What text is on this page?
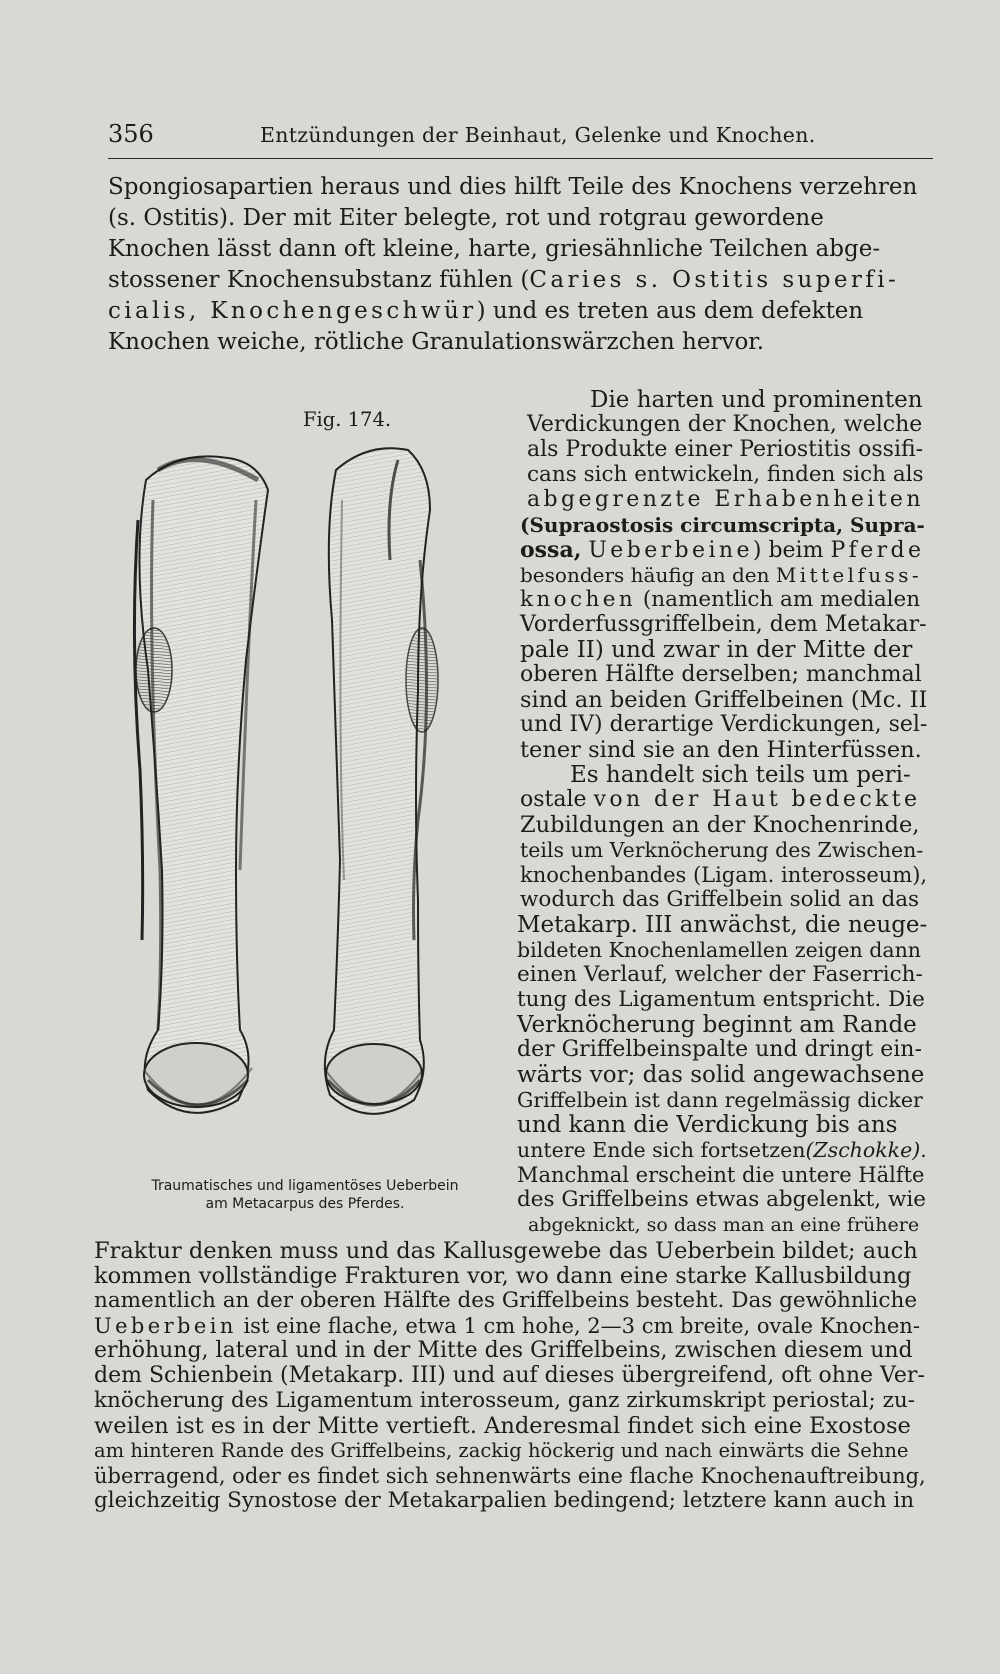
356	Entzündungen der Beinhaut, Gelenke und Knochen.
Spongiosapartien heraus und dies hilft Teile des Knochens verzehren
(s. Ostitis). Der mit Eiter belegte, rot und rotgrau gewordene
Knochen lässt dann oft kleine, harte, griesähnliche Teilchen abge-
stossener Knochensubstanz fühlen (Caries s. Ostitis superfi-
cialis, Knochengeschwür) und es treten aus dem defekten
Knochen weiche, rötliche Granulationswärzchen hervor.
Fig. 174.
Traumatisches und ligamentöses Ueberbein
am Metacarpus des Pferdes.
Die harten und prominenten
Verdickungen der Knochen, welche
als Produkte einer Periostitis ossifi-
cans sich entwickeln, finden sich als
abgegrenzte Erhabenheiten
(Supraostosis circumscripta, Supra-
ossa, Ueberbeine) beim Pferde
besonders häufig an den Mittelfuss-
knochen (namentlich am medialen
Vorderfussgriffelbein, dem Metakar-
pale II) und zwar in der Mitte der
oberen Hälfte derselben; manchmal
sind an beiden Griffelbeinen (Mc. II
und IV) derartige Verdickungen, sel-
tener sind sie an den Hinterfüssen.
Es handelt sich teils um peri-
ostale von der Haut bedeckte
Zubildungen an der Knochenrinde,
teils um Verknöcherung des Zwischen-
knochenbandes (Ligam. interosseum),
wodurch das Griffelbein solid an das
Metakarp. III anwächst, die neuge-
bildeten Knochenlamellen zeigen dann
einen Verlauf, welcher der Faserrich-
tung des Ligamentum entspricht. Die
Verknöcherung beginnt am Rande
der Griffelbeinspalte und dringt ein-
wärts vor; das solid angewachsene
Griffelbein ist dann regelmässig dicker
und kann die Verdickung bis ans
untere Ende sich fortsetzen(Zschokke).
Manchmal erscheint die untere Hälfte
des Griffelbeins etwas abgelenkt, wie
abgeknickt, so dass man an eine frühere
Fraktur denken muss und das Kallusgewebe das Ueberbein bildet; auch
kommen vollständige Frakturen vor, wo dann eine starke Kallusbildung
namentlich an der oberen Hälfte des Griffelbeins besteht. Das gewöhnliche
Ueberbein ist eine flache, etwa 1 cm hohe, 2—3 cm breite, ovale Knochen-
erhöhung, lateral und in der Mitte des Griffelbeins, zwischen diesem und
dem Schienbein (Metakarp. III) und auf dieses übergreifend, oft ohne Ver-
knöcherung des Ligamentum interosseum, ganz zirkumskript periostal; zu-
weilen ist es in der Mitte vertieft. Anderesmal findet sich eine Exostose
am hinteren Rande des Griffelbeins, zackig höckerig und nach einwärts die Sehne
überragend, oder es findet sich sehnenwärts eine flache Knochenauftreibung,
gleichzeitig Synostose der Metakarpalien bedingend; letztere kann auch in
